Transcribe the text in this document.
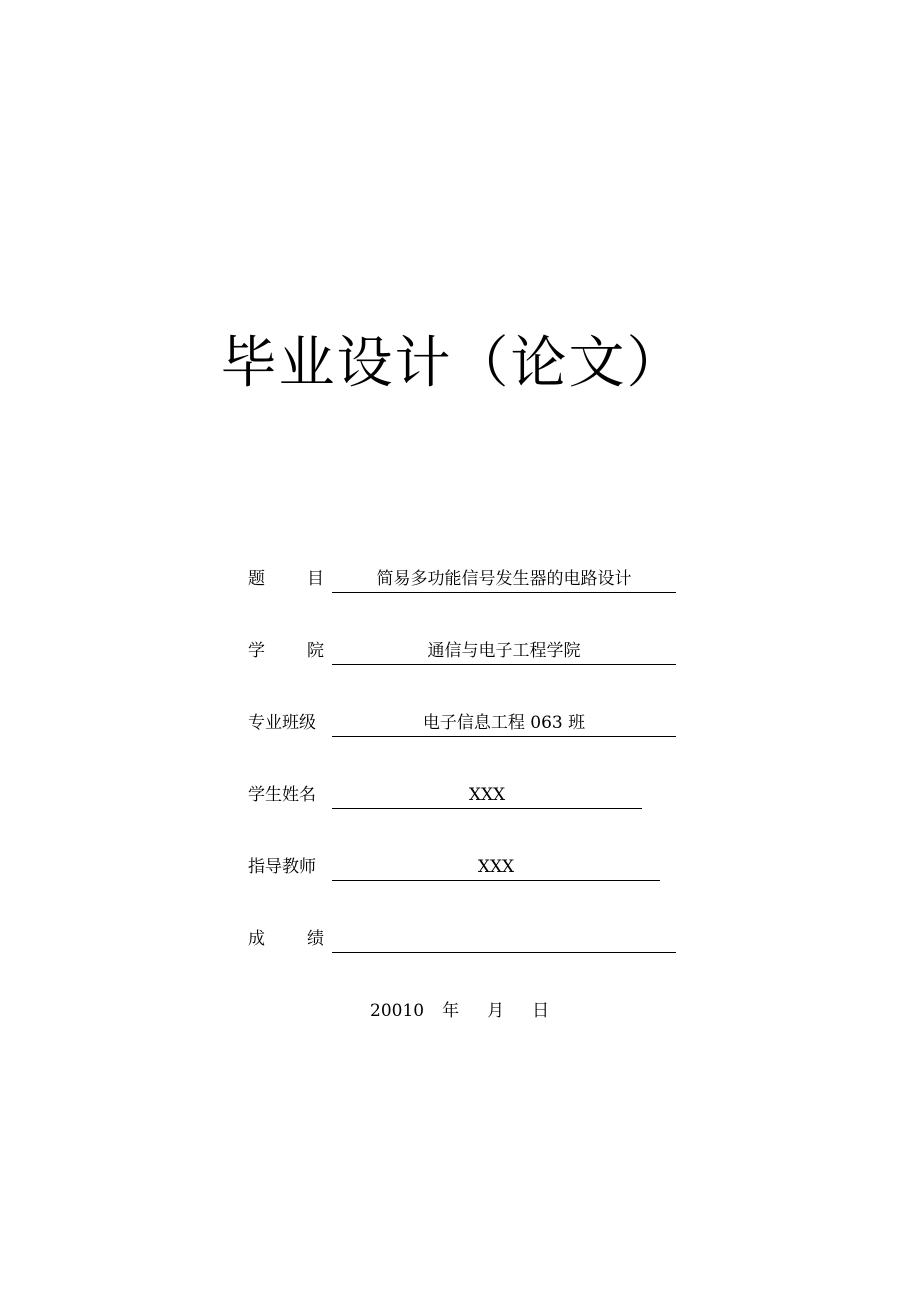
毕业设计（论文）
题 目	简易多功能信号发生器的电路设计
学 院	通信与电子工程学院
专业班级	电子信息工程 063 班
学生姓名	XXX
指导教师	XXX
成 绩
20010 年 月 日
